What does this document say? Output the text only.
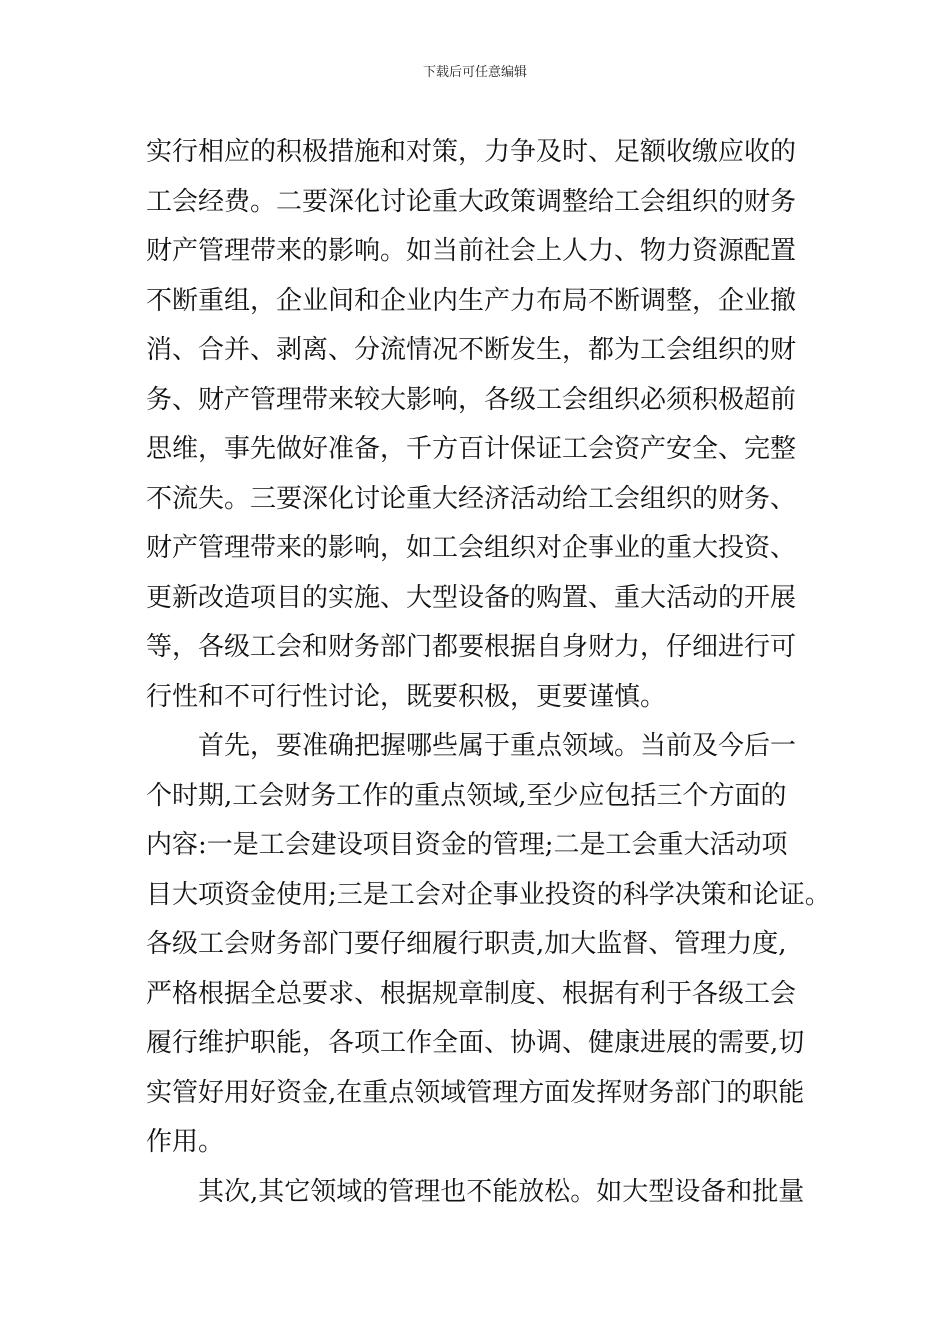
下载后可任意编辑
实行相应的积极措施和对策，力争及时、足额收缴应收的
工会经费。二要深化讨论重大政策调整给工会组织的财务
财产管理带来的影响。如当前社会上人力、物力资源配置
不断重组，企业间和企业内生产力布局不断调整，企业撤
消、合并、剥离、分流情况不断发生，都为工会组织的财
务、财产管理带来较大影响，各级工会组织必须积极超前
思维，事先做好准备，千方百计保证工会资产安全、完整
不流失。三要深化讨论重大经济活动给工会组织的财务、
财产管理带来的影响，如工会组织对企事业的重大投资、
更新改造项目的实施、大型设备的购置、重大活动的开展
等，各级工会和财务部门都要根据自身财力，仔细进行可
行性和不可行性讨论，既要积极，更要谨慎。
首先，要准确把握哪些属于重点领域。当前及今后一
个时期,工会财务工作的重点领域,至少应包括三个方面的
内容:一是工会建设项目资金的管理;二是工会重大活动项
目大项资金使用;三是工会对企事业投资的科学决策和论证。
各级工会财务部门要仔细履行职责,加大监督、管理力度,
严格根据全总要求、根据规章制度、根据有利于各级工会
履行维护职能，各项工作全面、协调、健康进展的需要,切
实管好用好资金,在重点领域管理方面发挥财务部门的职能
作用。
其次,其它领域的管理也不能放松。如大型设备和批量
